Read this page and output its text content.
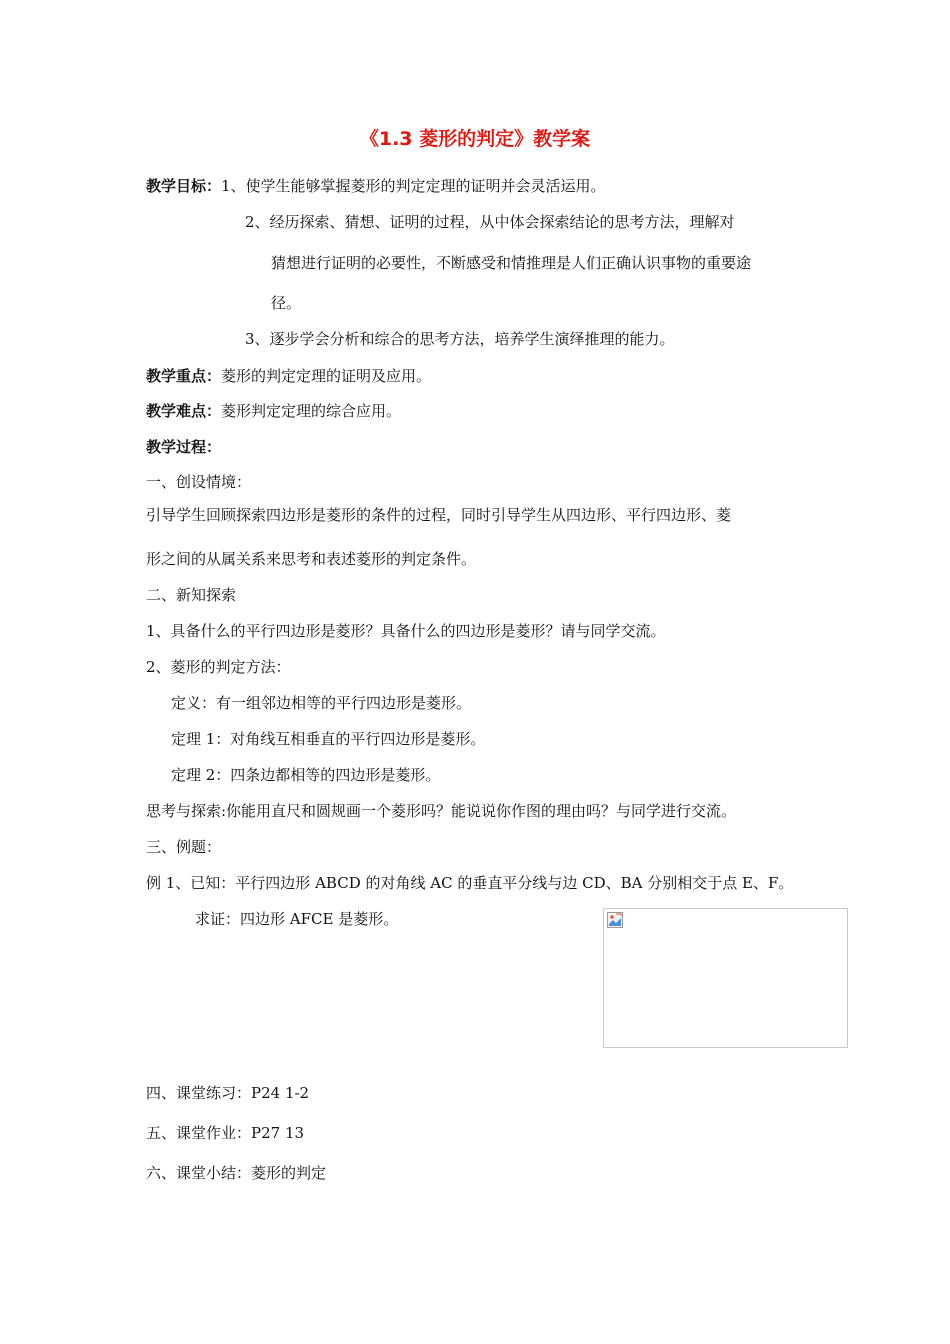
《1.3 菱形的判定》教学案
教学目标：1、使学生能够掌握菱形的判定定理的证明并会灵活运用。
2、经历探索、猜想、证明的过程，从中体会探索结论的思考方法，理解对
猜想进行证明的必要性，不断感受和情推理是人们正确认识事物的重要途
径。
3、逐步学会分析和综合的思考方法，培养学生演绎推理的能力。
教学重点：菱形的判定定理的证明及应用。
教学难点：菱形判定定理的综合应用。
教学过程：
一、创设情境：
引导学生回顾探索四边形是菱形的条件的过程，同时引导学生从四边形、平行四边形、菱
形之间的从属关系来思考和表述菱形的判定条件。
二、新知探索
1、具备什么的平行四边形是菱形？具备什么的四边形是菱形？请与同学交流。
2、菱形的判定方法：
定义：有一组邻边相等的平行四边形是菱形。
定理 1：对角线互相垂直的平行四边形是菱形。
定理 2：四条边都相等的四边形是菱形。
思考与探索:你能用直尺和圆规画一个菱形吗？能说说你作图的理由吗？与同学进行交流。
三、例题：
例 1、已知：平行四边形 ABCD 的对角线 AC 的垂直平分线与边 CD、BA 分别相交于点 E、F。
求证：四边形 AFCE 是菱形。
四、课堂练习：P24 1-2
五、课堂作业：P27 13
六、课堂小结：菱形的判定
